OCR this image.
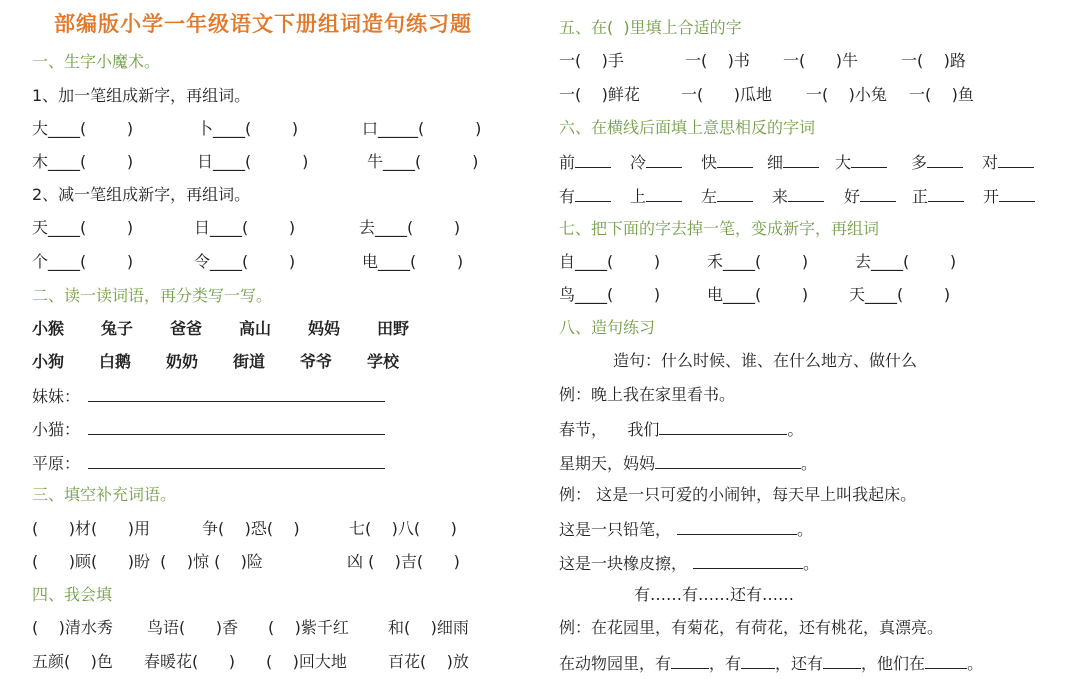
部编版小学一年级语文下册组词造句练习题
一、生字小魔术。
1、加一笔组成新字，再组词。
大____(        )	卜____(        )	口_____(          )
木____(        )	日____(          )	牛____(          )
2、减一笔组成新字，再组词。
天____(        )	日____(        )	去____(        )
个____(        )	令____(        )	电____(        )
二、读一读词语，再分类写一写。
小猴 兔子 爸爸 高山 妈妈 田野
小狗 白鹅 奶奶 街道 爷爷 学校
妹妹：
小猫：
平原：
三、填空补充词语。
(      )材(      )用	争(    )恐(    )	七(    )八(      )
(      )顾(      )盼  (    )惊 (    )险	凶 (    )吉(      )
四、我会填
(    )清水秀 鸟语(      )香 (    )紫千红 和(    )细雨
五颜(    )色 春暖花(      ) (    )回大地	百花(    )放
五、在(  )里填上合适的字
一(    )手	一(    )书 一(      )牛	一(    )路
一(    )鲜花	一(      )瓜地 一(    )小兔 一(    )鱼
六、在横线后面填上意思相反的字词
前	冷	快	细	大	多	对
有	上	左	来	好	正	开
七、把下面的字去掉一笔，变成新字，再组词
自____(        )	禾____(        )	去____(        )
鸟____(        )	电____(        )	天____(        )
八、造句练习
造句：什么时候、谁、在什么地方、做什么
例：晚上我在家里看书。
春节，    我们	。
星期天，妈妈	。
例： 这是一只可爱的小闹钟，每天早上叫我起床。
这是一只铅笔，	。
这是一块橡皮擦，	。
有……有……还有……
例：在花园里，有菊花，有荷花，还有桃花，真漂亮。
在动物园里，有 ，有 ，还有 ，他们在	。
